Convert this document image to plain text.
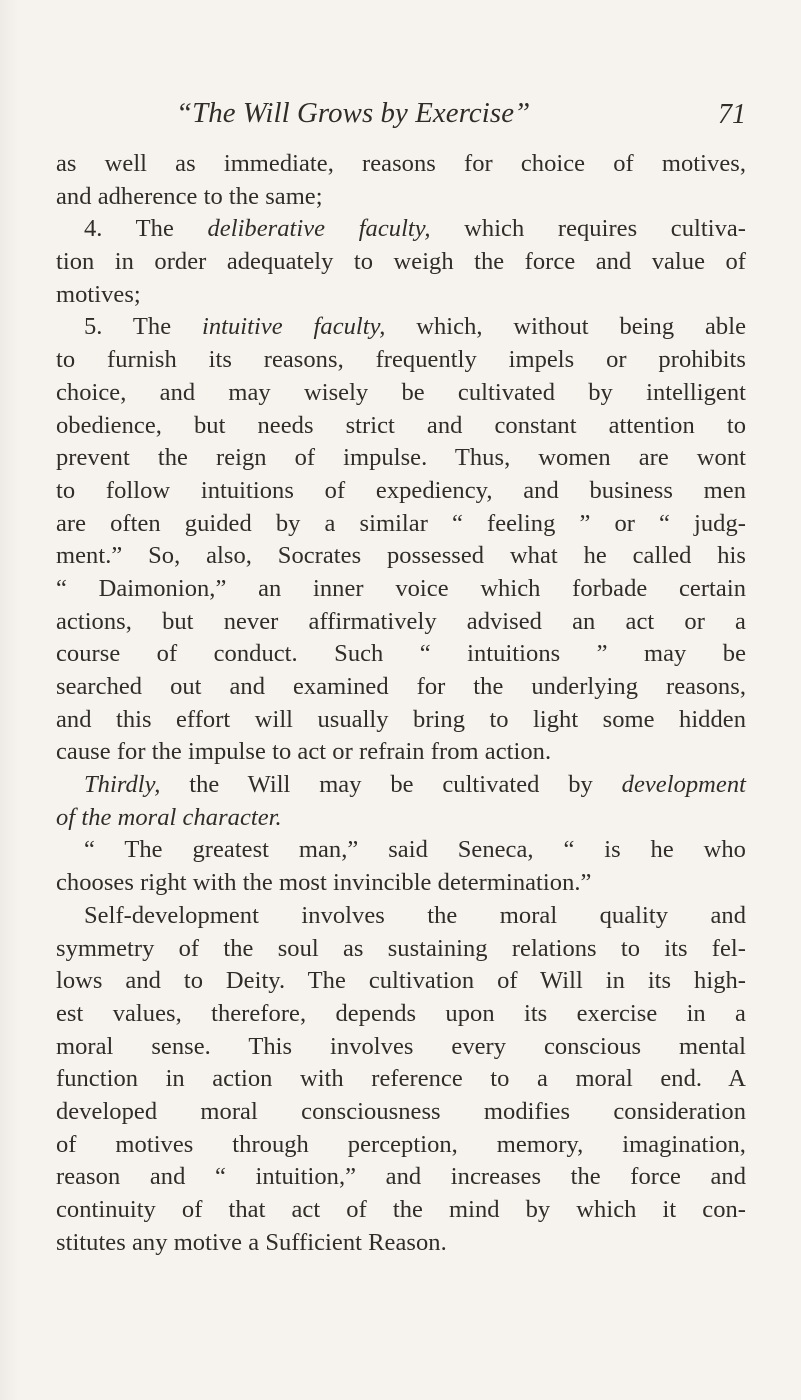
“The Will Grows by Exercise”	71
as well as immediate, reasons for choice of motives,
and adherence to the same;
4. The deliberative faculty, which requires cultiva-
tion in order adequately to weigh the force and value of
motives;
5. The intuitive faculty, which, without being able
to furnish its reasons, frequently impels or prohibits
choice, and may wisely be cultivated by intelligent
obedience, but needs strict and constant attention to
prevent the reign of impulse. Thus, women are wont
to follow intuitions of expediency, and business men
are often guided by a similar “ feeling ” or “ judg-
ment.” So, also, Socrates possessed what he called his
“ Daimonion,” an inner voice which forbade certain
actions, but never affirmatively advised an act or a
course of conduct. Such “ intuitions ” may be
searched out and examined for the underlying reasons,
and this effort will usually bring to light some hidden
cause for the impulse to act or refrain from action.
Thirdly, the Will may be cultivated by development
of the moral character.
“ The greatest man,” said Seneca, “ is he who
chooses right with the most invincible determination.”
Self-development involves the moral quality and
symmetry of the soul as sustaining relations to its fel-
lows and to Deity. The cultivation of Will in its high-
est values, therefore, depends upon its exercise in a
moral sense. This involves every conscious mental
function in action with reference to a moral end. A
developed moral consciousness modifies consideration
of motives through perception, memory, imagination,
reason and “ intuition,” and increases the force and
continuity of that act of the mind by which it con-
stitutes any motive a Sufficient Reason.
